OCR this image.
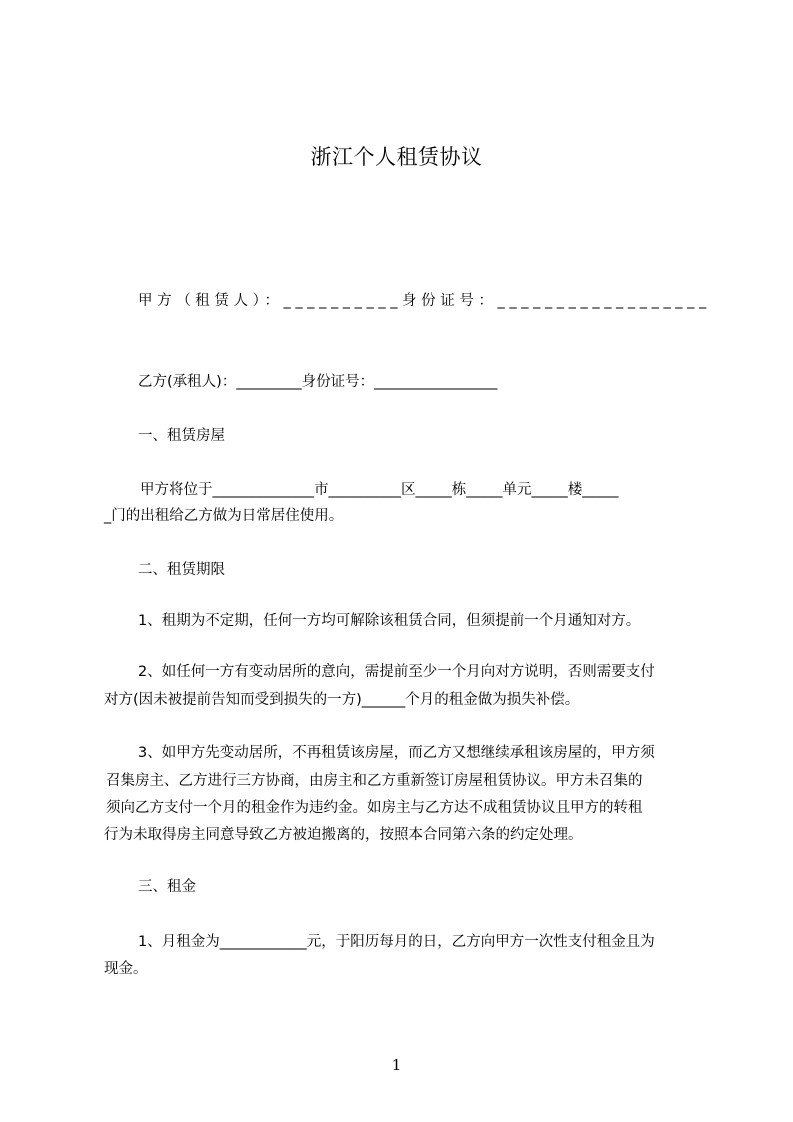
浙江个人租赁协议
甲方（租赁人）：__________身份证号：__________________
乙方(承租人)：_________身份证号：_________________
一、租赁房屋
甲方将位于______________市__________区_____栋_____单元_____楼_____
_门的出租给乙方做为日常居住使用。
二、租赁期限
1、租期为不定期，任何一方均可解除该租赁合同，但须提前一个月通知对方。
2、如任何一方有变动居所的意向，需提前至少一个月向对方说明，否则需要支付
对方(因未被提前告知而受到损失的一方)______个月的租金做为损失补偿。
3、如甲方先变动居所，不再租赁该房屋，而乙方又想继续承租该房屋的，甲方须
召集房主、乙方进行三方协商，由房主和乙方重新签订房屋租赁协议。甲方未召集的
须向乙方支付一个月的租金作为违约金。如房主与乙方达不成租赁协议且甲方的转租
行为未取得房主同意导致乙方被迫搬离的，按照本合同第六条的约定处理。
三、租金
1、月租金为____________元，于阳历每月的日，乙方向甲方一次性支付租金且为
现金。
1
